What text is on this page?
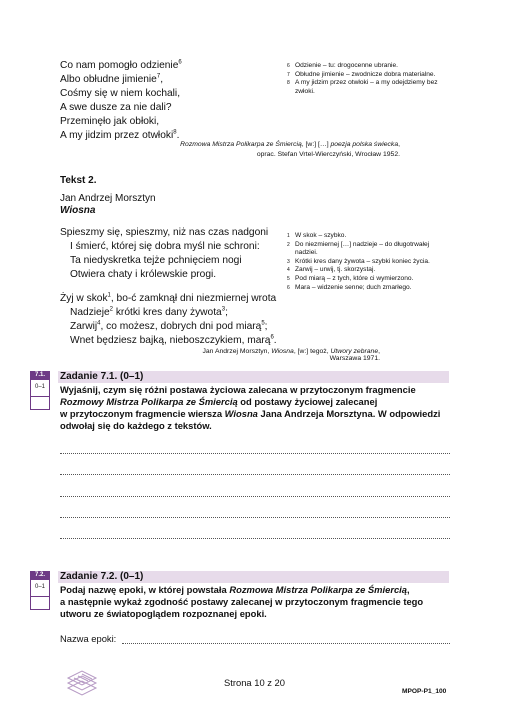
Co nam pomogło odzienie$^6$
Albo obłudne jimienie$^7$,
Cośmy się w niem kochali,
A swe dusze za nie dali?
Przeminęło jak obłoki,
A my jidzim przez otwłoki$^8$.
6 Odzienie – tu: drogocenne ubranie.
7 Obłudne jimienie – zwodnicze dobra materialne.
8 A my jidzim przez otwłoki – a my odejdziemy bez zwłoki.
Rozmowa Mistrza Polikarpa ze Śmiercią, [w:] […] poezja polska świecka,
oprac. Stefan Vrtel-Wierczyński, Wrocław 1952.
Tekst 2.
Jan Andrzej Morsztyn
Wiosna
Spieszmy się, spieszmy, niż nas czas nadgoni
I śmierć, której się dobra myśl nie schroni:
Ta niedyskretka tejże pchnięciem nogi
Otwiera chaty i królewskie progi.
Żyj w skok$^1$, bo-ć zamknął dni niezmiernej wrota
Nadzieje$^2$ krótki kres dany żywota$^3$;
Zarwij$^4$, co możesz, dobrych dni pod miarą$^5$;
Wnet będziesz bajką, nieboszczykiem, marą$^6$.
1 W skok – szybko.
2 Do niezmiernej […] nadzieje – do długotrwałej nadziei.
3 Krótki kres dany żywota – szybki koniec życia.
4 Zarwij – urwij, tj. skorzystaj.
5 Pod miarą – z tych, które ci wymierzono.
6 Mara – widzenie senne; duch zmarłego.
Jan Andrzej Morsztyn, Wiosna, [w:] tegoż, Utwory zebrane, Warszawa 1971.
7.1.
0–1
Zadanie 7.1. (0–1)
Wyjaśnij, czym się różni postawa życiowa zalecana w przytoczonym fragmencie
Rozmowy Mistrza Polikarpa ze Śmiercią od postawy życiowej zalecanej
w przytoczonym fragmencie wiersza Wiosna Jana Andrzeja Morsztyna. W odpowiedzi
odwołaj się do każdego z tekstów.
7.2.
0–1
Zadanie 7.2. (0–1)
Podaj nazwę epoki, w której powstała Rozmowa Mistrza Polikarpa ze Śmiercią,
a następnie wykaż zgodność postawy zalecanej w przytoczonym fragmencie tego
utworu ze światopoglądem rozpoznanej epoki.
Nazwa epoki:
Strona 10 z 20
MPOP-P1_100
